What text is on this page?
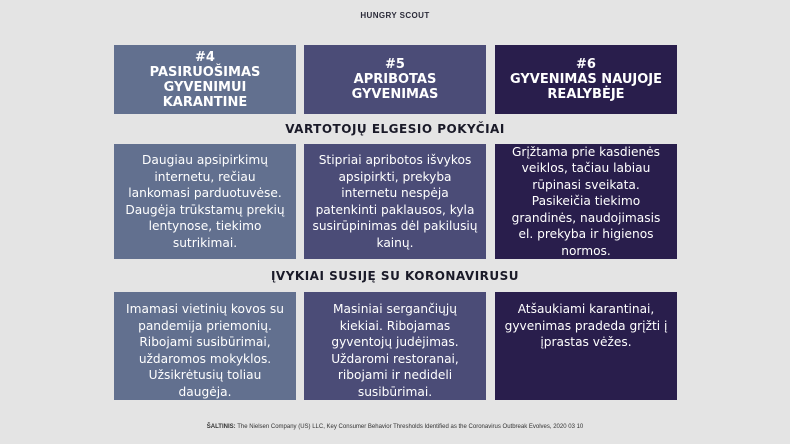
HUNGRY SCOUT
#4
PASIRUOŠIMAS GYVENIMUI KARANTINE
#5
APRIBOTAS GYVENIMAS
#6
GYVENIMAS NAUJOJE REALYBĖJE
VARTOTOJŲ ELGESIO POKYČIAI
Daugiau apsipirkimų internetu, rečiau lankomasi parduotuvėse. Daugėja trūkstamų prekių lentynose, tiekimo sutrikimai.
Stipriai apribotos išvykos apsipirkti, prekyba internetu nespėja patenkinti paklausos, kyla susirūpinimas dėl pakilusių kainų.
Grįžtama prie kasdienės veiklos, tačiau labiau rūpinasi sveikata. Pasikeičia tiekimo grandinės, naudojimasis el. prekyba ir higienos normos.
ĮVYKIAI SUSIJĘ SU KORONAVIRUSU
Imamasi vietinių kovos su pandemija priemonių. Ribojami susibūrimai, uždaromos mokyklos. Užsikrėtusių toliau daugėja.
Masiniai sergančiųjų kiekiai. Ribojamas gyventojų judėjimas. Uždaromi restoranai, ribojami ir nedideli susibūrimai.
Atšaukiami karantinai, gyvenimas pradeda grįžti į įprastas vėžes.
ŠALTINIS: The Nielsen Company (US) LLC, Key Consumer Behavior Thresholds Identified as the Coronavirus Outbreak Evolves, 2020 03 10
